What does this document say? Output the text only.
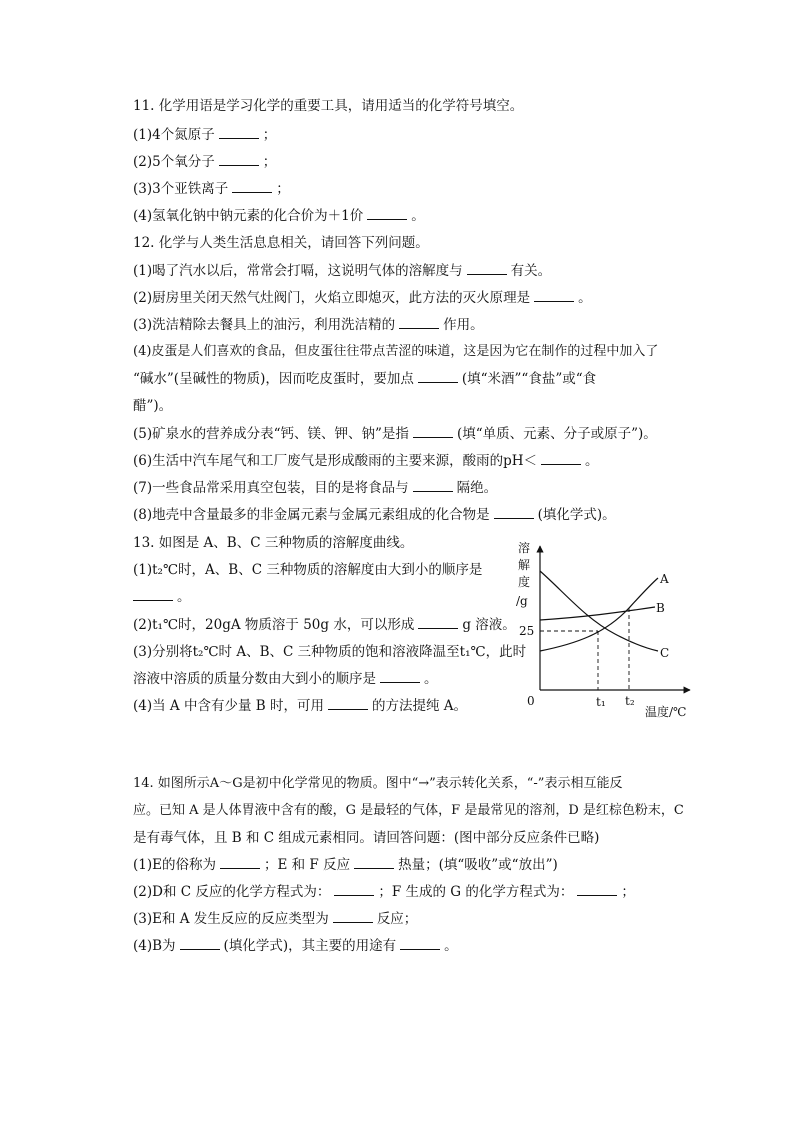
11. 化学用语是学习化学的重要工具，请用适当的化学符号填空。
(1)4个氮原子	；
(2)5个氧分子	；
(3)3个亚铁离子	；
(4)氢氧化钠中钠元素的化合价为＋1价	。
12. 化学与人类生活息息相关，请回答下列问题。
(1)喝了汽水以后，常常会打嗝，这说明气体的溶解度与	有关。
(2)厨房里关闭天然气灶阀门，火焰立即熄灭，此方法的灭火原理是	。
(3)洗洁精除去餐具上的油污，利用洗洁精的	作用。
(4)皮蛋是人们喜欢的食品，但皮蛋往往带点苦涩的味道，这是因为它在制作的过程中加入了
“碱水”(呈碱性的物质)，因而吃皮蛋时，要加点	(填“米酒”“食盐”或“食
醋”)。
(5)矿泉水的营养成分表“钙、镁、钾、钠”是指	(填“单质、元素、分子或原子”)。
(6)生活中汽车尾气和工厂废气是形成酸雨的主要来源，酸雨的pH＜	。
(7)一些食品常采用真空包装，目的是将食品与	隔绝。
(8)地壳中含量最多的非金属元素与金属元素组成的化合物是	(填化学式)。
13. 如图是 A、B、C 三种物质的溶解度曲线。
(1)t₂℃时，A、B、C 三种物质的溶解度由大到小的顺序是
。
(2)t₁℃时，20gA 物质溶于 50g 水，可以形成	g 溶液。
(3)分别将t₂℃时 A、B、C 三种物质的饱和溶液降温至t₁℃，此时
溶液中溶质的质量分数由大到小的顺序是	。
(4)当 A 中含有少量 B 时，可用	的方法提纯 A。
溶
解
度
/g
25
0	t₁ t₂
温度/℃
A
B
C
14. 如图所示A～G是初中化学常见的物质。图中“→”表示转化关系，“-”表示相互能反
应。已知 A 是人体胃液中含有的酸，G 是最轻的气体，F 是最常见的溶剂，D 是红棕色粉末，C
是有毒气体，且 B 和 C 组成元素相同。请回答问题：(图中部分反应条件已略)
(1)E的俗称为	；E 和 F 反应	热量；(填“吸收”或“放出”)
(2)D和 C 反应的化学方程式为：	；F 生成的 G 的化学方程式为：	；
(3)E和 A 发生反应的反应类型为	反应；
(4)B为	(填化学式)，其主要的用途有	。
